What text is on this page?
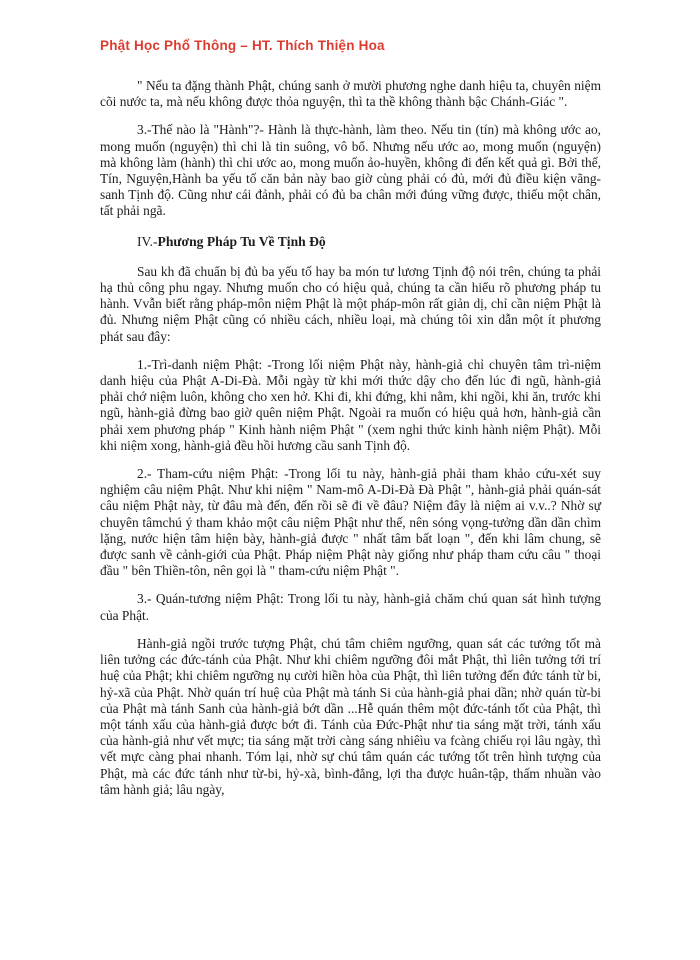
Phật Học Phổ Thông – HT. Thích Thiện Hoa

" Nếu ta đặng thành Phật, chúng sanh ở mười phương nghe danh hiệu ta, chuyên niệm cõi nước ta, mà nếu không được thỏa nguyện, thì ta thề không thành bậc Chánh-Giác ".

3.-Thế nào là "Hành"?- Hành là thực-hành, làm theo. Nếu tin (tín) mà không ước ao, mong muốn (nguyện) thì chi là tin suông, vô bổ. Nhưng nếu ước ao, mong muốn (nguyện) mà không làm (hành) thì chi ước ao, mong muốn ảo-huyền, không đi đến kết quả gì. Bởi thế, Tín, Nguyện,Hành ba yếu tố căn bản này bao giờ cùng phải có đủ, mới đủ điều kiện vãng-sanh Tịnh độ. Cũng như cái đảnh, phải có đủ ba chân mới đúng vững được, thiếu một chân, tất phải ngã.

IV.-Phương Pháp Tu Về Tịnh Độ

Sau kh đã chuẩn bị đủ ba yếu tố hay ba món tư lương Tịnh độ nói trên, chúng ta phải hạ thủ công phu ngay. Nhưng muốn cho có hiệu quả, chúng ta cần hiểu rõ phương pháp tu hành. Vvẫn biết rằng pháp-môn niệm Phật là một pháp-môn rất giản dị, chỉ cần niệm Phật là đủ. Nhưng niệm Phật cũng có nhiều cách, nhiều loại, mà chúng tôi xin dẫn một ít phương phát sau đây:

1.-Trì-danh niệm Phật: -Trong lối niệm Phật này, hành-giả chỉ chuyên tâm trì-niệm danh hiệu của Phật A-Di-Đà. Mỗi ngày từ khi mới thức dậy cho đến lúc đi ngũ, hành-giả phải chớ niệm luôn, không cho xen hở. Khi đi, khi đứng, khi nằm, khi ngồi, khi ăn, trước khi ngũ, hành-giả đừng bao giờ quên niệm Phật. Ngoài ra muốn có hiệu quả hơn, hành-giả cần phải xem phương pháp " Kinh hành niệm Phật " (xem nghi thức kinh hành niệm Phật). Mỗi khi niệm xong, hành-giả đều hồi hương cầu sanh Tịnh độ.

2.- Tham-cứu niệm Phật: -Trong lối tu này, hành-giả phải tham khảo cứu-xét suy nghiệm câu niệm Phật. Như khi niệm " Nam-mô A-Di-Đà Đà Phật ", hành-giả phải quán-sát câu niệm Phật này, từ đâu mà đến, đến rồi sẽ đi về đâu? Niệm đây là niệm ai v.v..? Nhờ sự chuyên tâmchú ý tham khảo một câu niệm Phật như thế, nên sóng vọng-tưởng dần dần chìm lặng, nước hiện tâm hiện bày, hành-giả được " nhất tâm bất loạn ", đến khi lâm chung, sẽ được sanh về cảnh-giới của Phật. Pháp niệm Phật này giống như pháp tham cứu câu " thoại đầu " bên Thiền-tôn, nên gọi là " tham-cứu niệm Phật ".

3.- Quán-tương niệm Phật: Trong lối tu này, hành-giả chăm chú quan sát hình tượng của Phật.

Hành-giả ngồi trước tượng Phật, chú tâm chiêm ngưỡng, quan sát các tướng tốt mà liên tưởng các đức-tánh của Phật. Như khi chiêm ngưỡng đôi mắt Phật, thì liên tưởng tới trí huệ của Phật; khi chiêm ngưỡng nụ cười hiền hòa của Phật, thì liên tưởng đến đức tánh từ bi, hỷ-xã của Phật. Nhờ quán trí huệ của Phật mà tánh Si của hành-giả phai dần; nhờ quán từ-bi của Phật mà tánh Sanh của hành-giả bớt dần ...Hễ quán thêm một đức-tánh tốt của Phật, thì một tánh xấu của hành-giả được bớt đi. Tánh của Đức-Phật như tia sáng mặt trời, tánh xấu của hành-giả như vết mực; tia sáng mặt trời càng sáng nhiêìu va fcàng chiếu rọi lâu ngày, thì vết mực càng phai nhanh. Tóm lại, nhờ sự chú tâm quán các tướng tốt trên hình tượng của Phật, mà các đức tánh như từ-bi, hỷ-xà, bình-đẳng, lợi tha được huân-tập, thấm nhuần vào tâm hành giả; lâu ngày,
